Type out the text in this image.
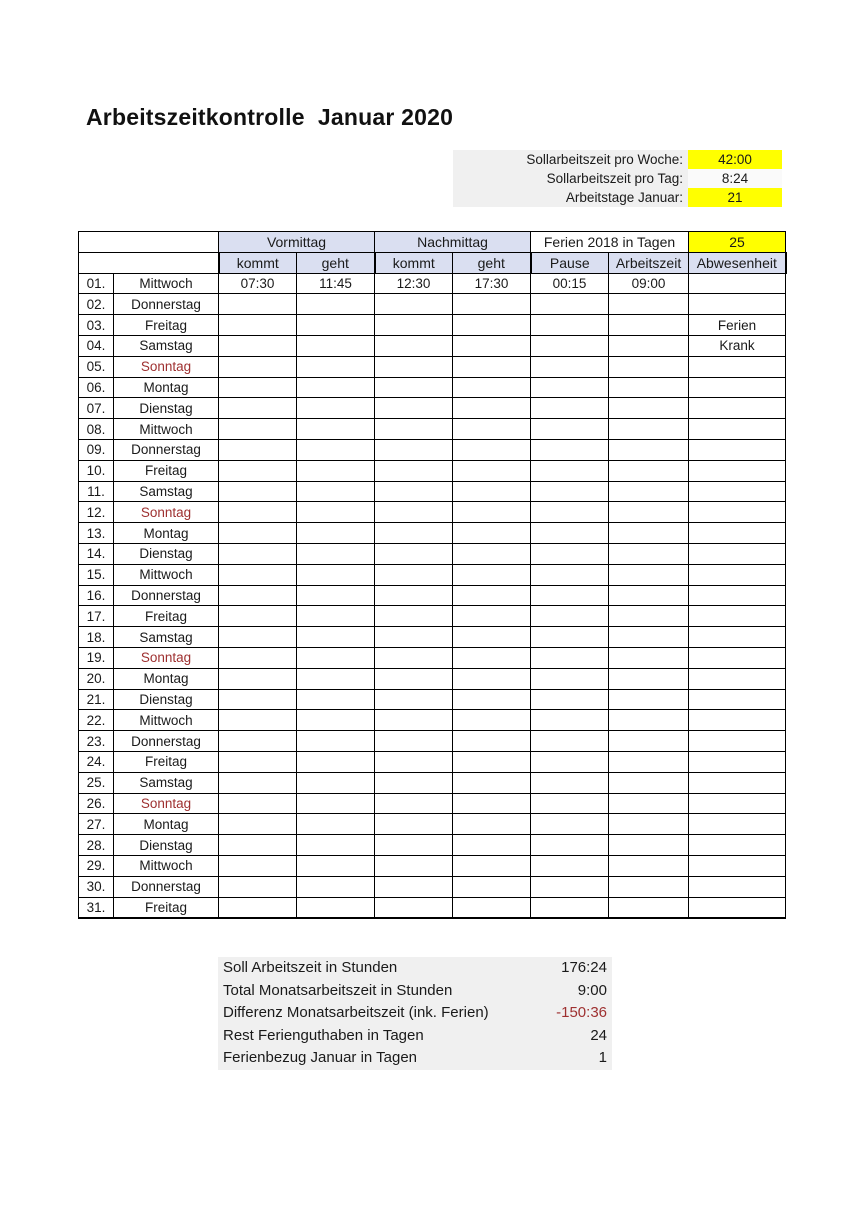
Arbeitszeitkontrolle  Januar 2020
Sollarbeitszeit pro Woche:	42:00
Sollarbeitszeit pro Tag:	8:24
Arbeitstage Januar:	21
		Vormittag		Nachmittag		Ferien 2018 in Tagen		25
		kommt	geht	kommt	geht	Pause	Arbeitszeit	Abwesenheit
01.	Mittwoch	07:30	11:45	12:30	17:30	00:15	09:00	
02.	Donnerstag							
03.	Freitag							Ferien
04.	Samstag							Krank
05.	Sonntag							
06.	Montag							
07.	Dienstag							
08.	Mittwoch							
09.	Donnerstag							
10.	Freitag							
11.	Samstag							
12.	Sonntag							
13.	Montag							
14.	Dienstag							
15.	Mittwoch							
16.	Donnerstag							
17.	Freitag							
18.	Samstag							
19.	Sonntag							
20.	Montag							
21.	Dienstag							
22.	Mittwoch							
23.	Donnerstag							
24.	Freitag							
25.	Samstag							
26.	Sonntag							
27.	Montag							
28.	Dienstag							
29.	Mittwoch							
30.	Donnerstag							
31.	Freitag							
Soll Arbeitszeit in Stunden	176:24
Total Monatsarbeitszeit in Stunden	9:00
Differenz Monatsarbeitszeit (ink. Ferien)	-150:36
Rest Ferienguthaben in Tagen	24
Ferienbezug Januar in Tagen	1
